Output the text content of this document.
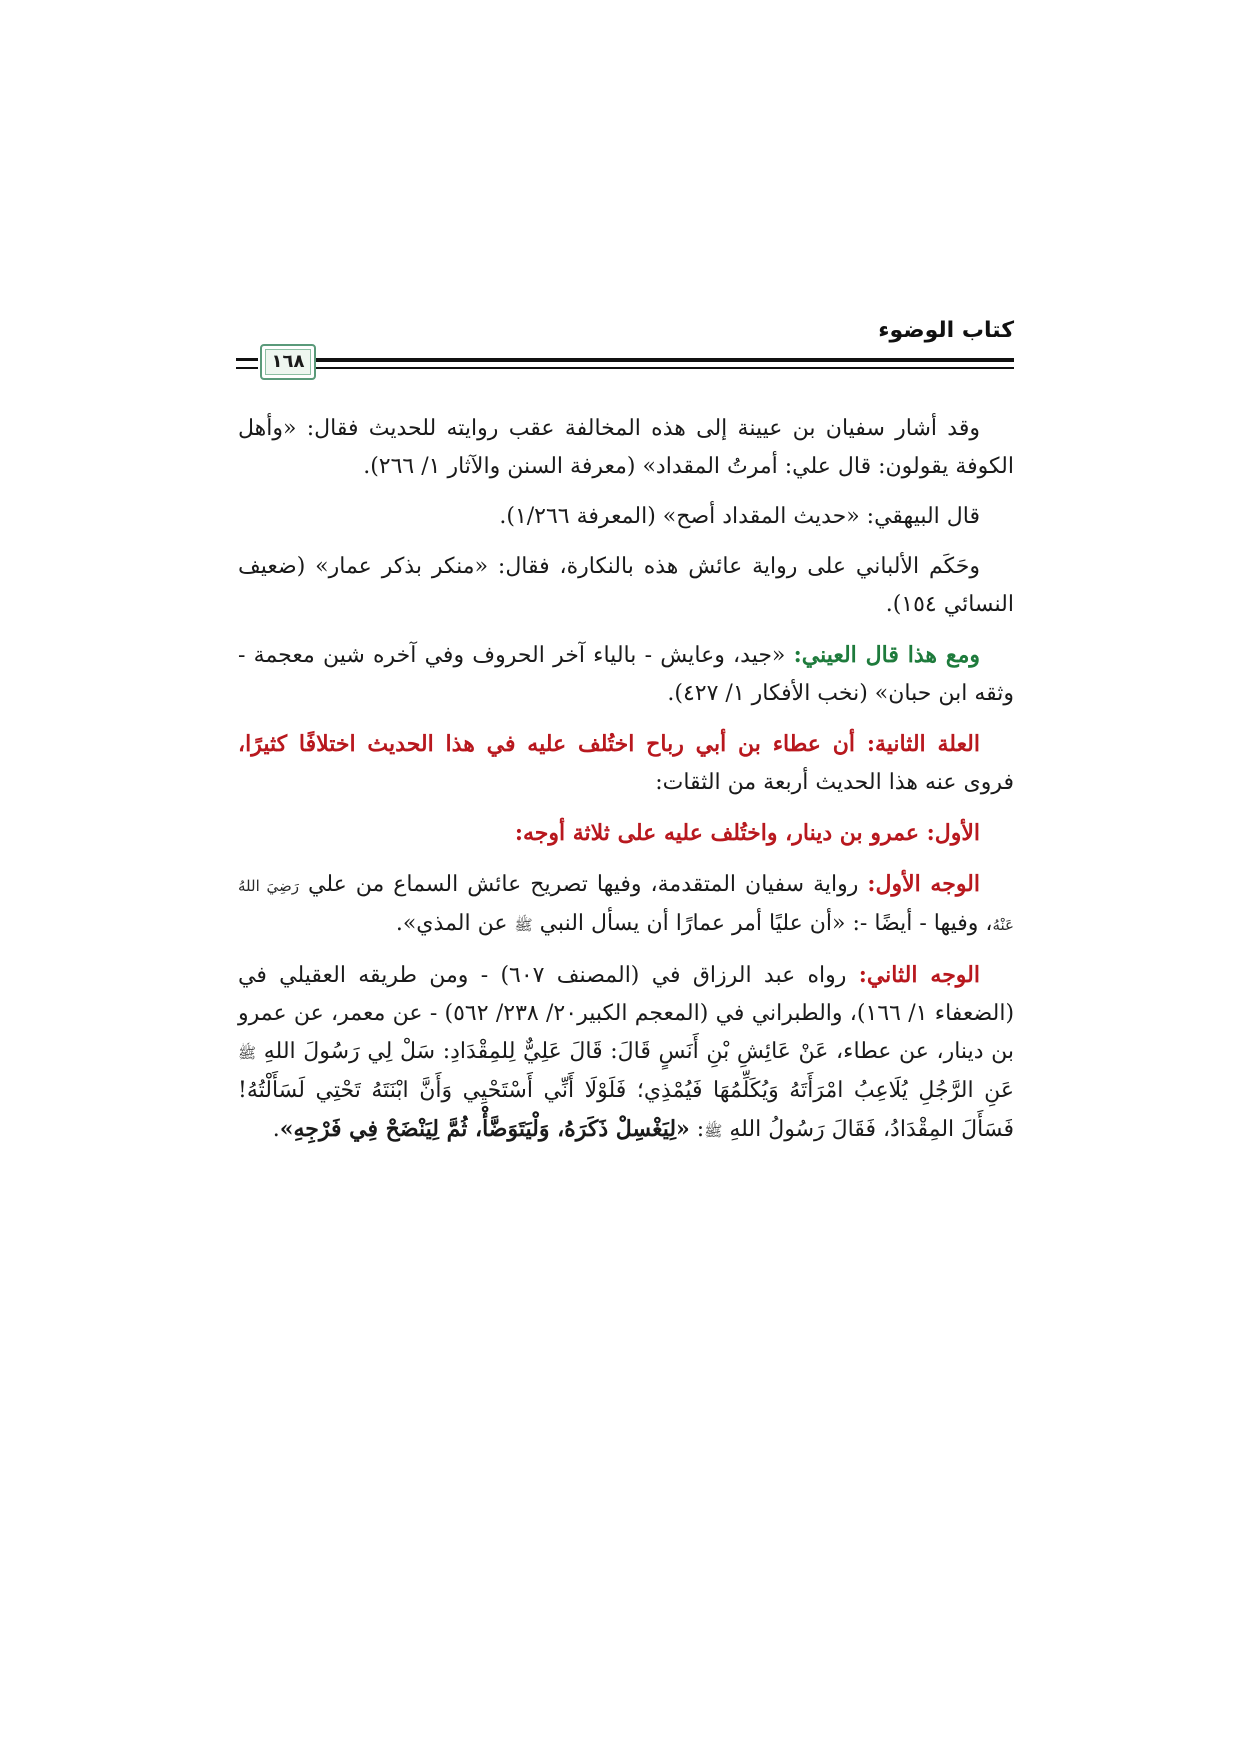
كتاب الوضوء
١٦٨

وقد أشار سفيان بن عيينة إلى هذه المخالفة عقب روايته للحديث فقال: «وأهل الكوفة يقولون: قال علي: أمرتُ المقداد» (معرفة السنن والآثار ١/ ٢٦٦).

قال البيهقي: «حديث المقداد أصح» (المعرفة ١/٢٦٦).

وحَكَم الألباني على رواية عائش هذه بالنكارة، فقال: «منكر بذكر عمار» (ضعيف النسائي ١٥٤).

ومع هذا قال العيني: «جيد، وعايش - بالياء آخر الحروف وفي آخره شين معجمة - وثقه ابن حبان» (نخب الأفكار ١/ ٤٢٧).

العلة الثانية: أن عطاء بن أبي رباح اختُلف عليه في هذا الحديث اختلافًا كثيرًا، فروى عنه هذا الحديث أربعة من الثقات:

الأول: عمرو بن دينار، واختُلف عليه على ثلاثة أوجه:

الوجه الأول: رواية سفيان المتقدمة، وفيها تصريح عائش السماع من علي رَضِيَ اللهُ عَنْهُ، وفيها - أيضًا -: «أن عليًا أمر عمارًا أن يسأل النبي ﷺ عن المذي».

الوجه الثاني: رواه عبد الرزاق في (المصنف ٦٠٧) - ومن طريقه العقيلي في (الضعفاء ١/ ١٦٦)، والطبراني في (المعجم الكبير٢٠/ ٢٣٨/ ٥٦٢) - عن معمر، عن عمرو بن دينار، عن عطاء، عَنْ عَائِشِ بْنِ أَنَسٍ قَالَ: قَالَ عَلِيٌّ لِلمِقْدَادِ: سَلْ لِي رَسُولَ اللهِ ﷺ عَنِ الرَّجُلِ يُلَاعِبُ امْرَأَتَهُ وَيُكَلِّمُهَا فَيُمْذِي؛ فَلَوْلَا أَنِّي أَسْتَحْيِي وَأَنَّ ابْنَتَهُ تَحْتِي لَسَأَلْتُهُ! فَسَأَلَ المِقْدَادُ، فَقَالَ رَسُولُ اللهِ ﷺ: «لِيَغْسِلْ ذَكَرَهُ، وَلْيَتَوَضَّأْ، ثُمَّ لِيَنْضَحْ فِي فَرْجِهِ».
